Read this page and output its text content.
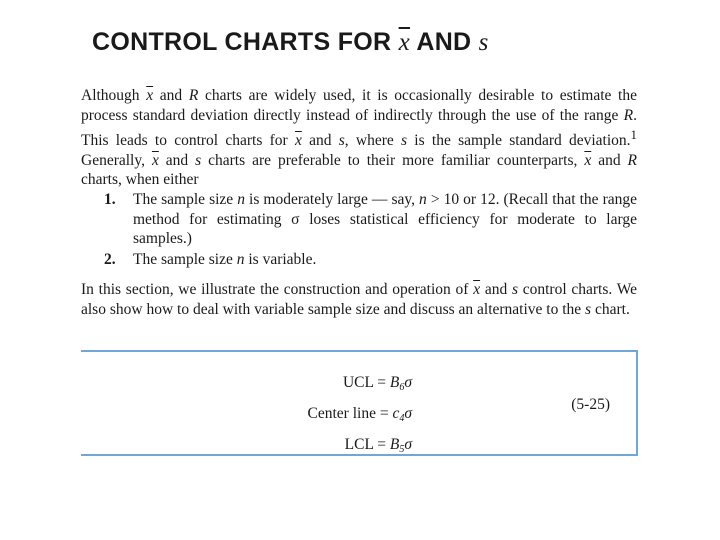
CONTROL CHARTS FOR $\overline{x}$ AND s
Although $\overline{x}$ and R charts are widely used, it is occasionally desirable to estimate the process standard deviation directly instead of indirectly through the use of the range R. This leads to control charts for $\overline{x}$ and s, where s is the sample standard deviation.$^1$ Generally, $\overline{x}$ and s charts are preferable to their more familiar counterparts, $\overline{x}$ and R charts, when either
1. The sample size n is moderately large — say, n > 10 or 12. (Recall that the range method for estimating σ loses statistical efficiency for moderate to large samples.)
2. The sample size n is variable.
In this section, we illustrate the construction and operation of $\overline{x}$ and s control charts. We also show how to deal with variable sample size and discuss an alternative to the s chart.
UCL = $B_6\sigma$
Center line = $c_4\sigma$
LCL = $B_5\sigma$
(5-25)
